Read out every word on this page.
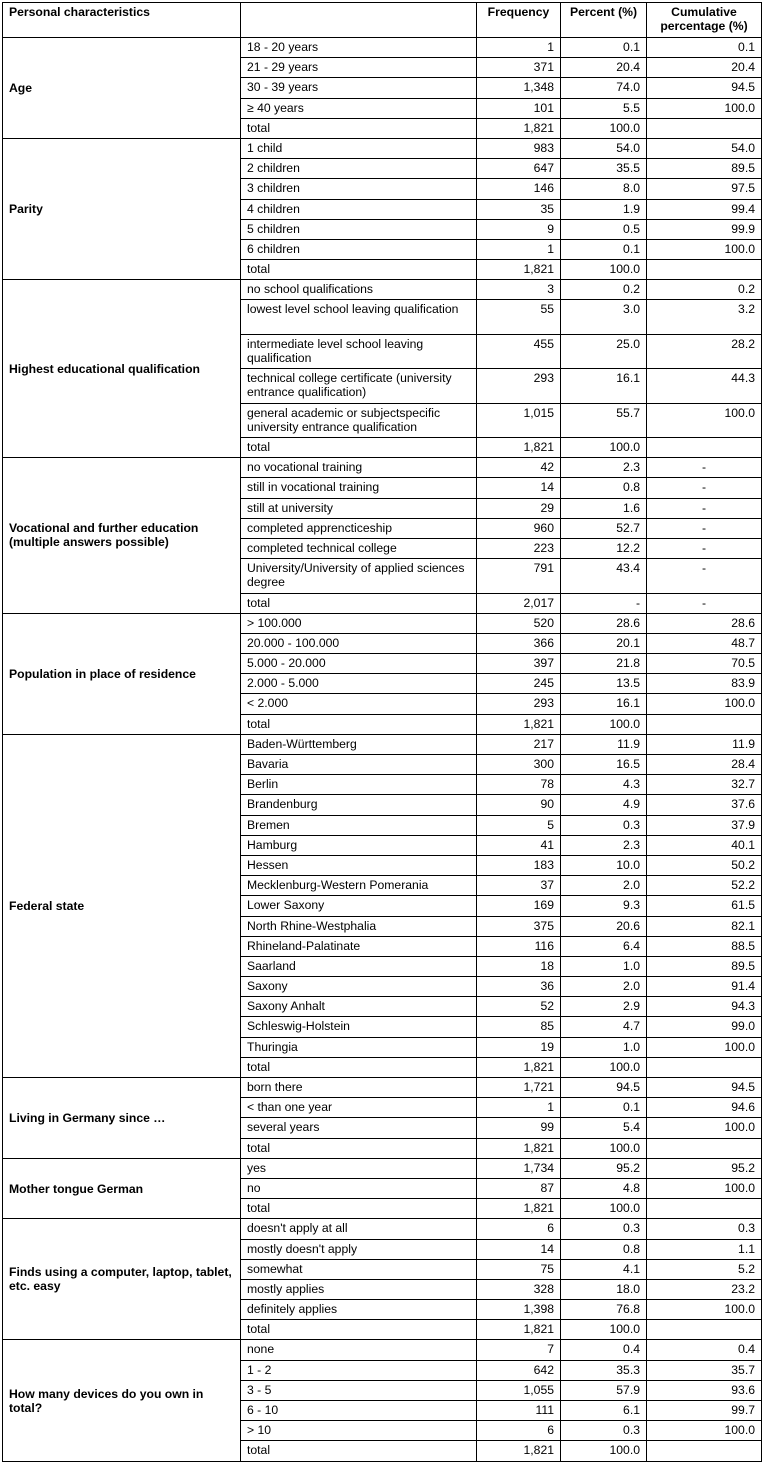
Personal characteristics		Frequency	Percent (%)	Cumulative percentage (%)
Age	18 - 20 years	1	0.1	0.1
	21 - 29 years	371	20.4	20.4
	30 - 39 years	1,348	74.0	94.5
	≥ 40 years	101	5.5	100.0
	total	1,821	100.0	
Parity	1 child	983	54.0	54.0
	2 children	647	35.5	89.5
	3 children	146	8.0	97.5
	4 children	35	1.9	99.4
	5 children	9	0.5	99.9
	6 children	1	0.1	100.0
	total	1,821	100.0	
Highest educational qualification	no school qualifications	3	0.2	0.2
	lowest level school leaving qualification	55	3.0	3.2
	intermediate level school leaving qualification	455	25.0	28.2
	technical college certificate (university entrance qualification)	293	16.1	44.3
	general academic or subjectspecific university entrance qualification	1,015	55.7	100.0
	total	1,821	100.0	
Vocational and further education (multiple answers possible)	no vocational training	42	2.3	-
	still in vocational training	14	0.8	-
	still at university	29	1.6	-
	completed apprencticeship	960	52.7	-
	completed technical college	223	12.2	-
	University/University of applied sciences degree	791	43.4	-
	total	2,017	-	-
Population in place of residence	> 100.000	520	28.6	28.6
	20.000 - 100.000	366	20.1	48.7
	5.000 - 20.000	397	21.8	70.5
	2.000 - 5.000	245	13.5	83.9
	< 2.000	293	16.1	100.0
	total	1,821	100.0	
Federal state	Baden-Württemberg	217	11.9	11.9
	Bavaria	300	16.5	28.4
	Berlin	78	4.3	32.7
	Brandenburg	90	4.9	37.6
	Bremen	5	0.3	37.9
	Hamburg	41	2.3	40.1
	Hessen	183	10.0	50.2
	Mecklenburg-Western Pomerania	37	2.0	52.2
	Lower Saxony	169	9.3	61.5
	North Rhine-Westphalia	375	20.6	82.1
	Rhineland-Palatinate	116	6.4	88.5
	Saarland	18	1.0	89.5
	Saxony	36	2.0	91.4
	Saxony Anhalt	52	2.9	94.3
	Schleswig-Holstein	85	4.7	99.0
	Thuringia	19	1.0	100.0
	total	1,821	100.0	
Living in Germany since …	born there	1,721	94.5	94.5
	< than one year	1	0.1	94.6
	several years	99	5.4	100.0
	total	1,821	100.0	
Mother tongue German	yes	1,734	95.2	95.2
	no	87	4.8	100.0
	total	1,821	100.0	
Finds using a computer, laptop, tablet, etc. easy	doesn't apply at all	6	0.3	0.3
	mostly doesn't apply	14	0.8	1.1
	somewhat	75	4.1	5.2
	mostly applies	328	18.0	23.2
	definitely applies	1,398	76.8	100.0
	total	1,821	100.0	
How many devices do you own in total?	none	7	0.4	0.4
	1 - 2	642	35.3	35.7
	3 - 5	1,055	57.9	93.6
	6 - 10	111	6.1	99.7
	> 10	6	0.3	100.0
	total	1,821	100.0	
